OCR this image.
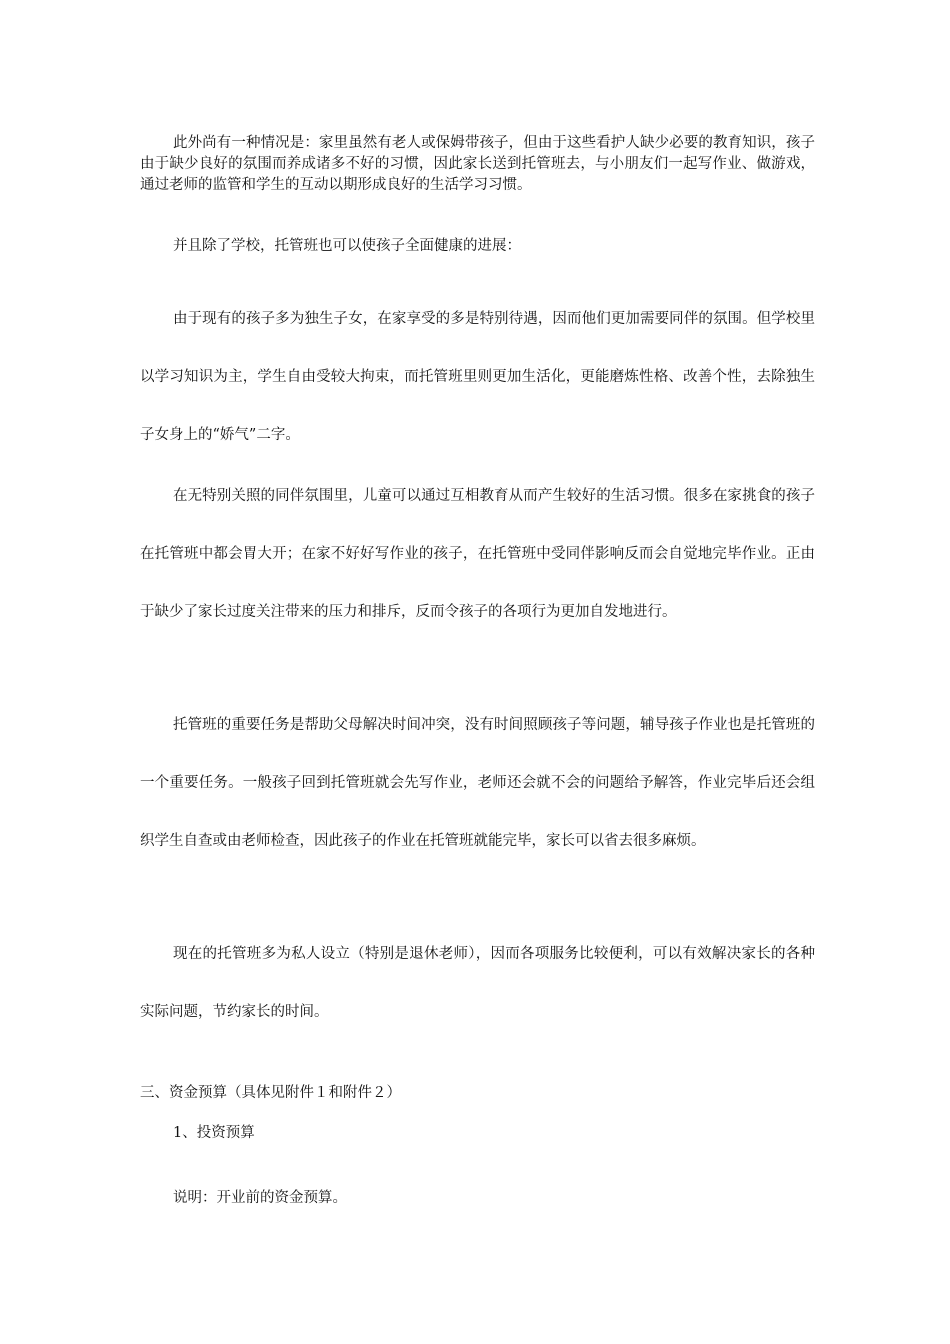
此外尚有一种情况是：家里虽然有老人或保姆带孩子，但由于这些看护人缺少必要的教育知识，孩子由于缺少良好的氛围而养成诸多不好的习惯，因此家长送到托管班去，与小朋友们一起写作业、做游戏，通过老师的监管和学生的互动以期形成良好的生活学习习惯。

并且除了学校，托管班也可以使孩子全面健康的进展：

由于现有的孩子多为独生子女，在家享受的多是特别待遇，因而他们更加需要同伴的氛围。但学校里以学习知识为主，学生自由受较大拘束，而托管班里则更加生活化，更能磨炼性格、改善个性，去除独生子女身上的“娇气”二字。

在无特别关照的同伴氛围里，儿童可以通过互相教育从而产生较好的生活习惯。很多在家挑食的孩子在托管班中都会胃大开；在家不好好写作业的孩子，在托管班中受同伴影响反而会自觉地完毕作业。正由于缺少了家长过度关注带来的压力和排斥，反而令孩子的各项行为更加自发地进行。

托管班的重要任务是帮助父母解决时间冲突，没有时间照顾孩子等问题，辅导孩子作业也是托管班的一个重要任务。一般孩子回到托管班就会先写作业，老师还会就不会的问题给予解答，作业完毕后还会组织学生自查或由老师检查，因此孩子的作业在托管班就能完毕，家长可以省去很多麻烦。

现在的托管班多为私人设立（特别是退休老师），因而各项服务比较便利，可以有效解决家长的各种实际问题，节约家长的时间。

三、资金预算（具体见附件１和附件２）

1、投资预算

说明：开业前的资金预算。
